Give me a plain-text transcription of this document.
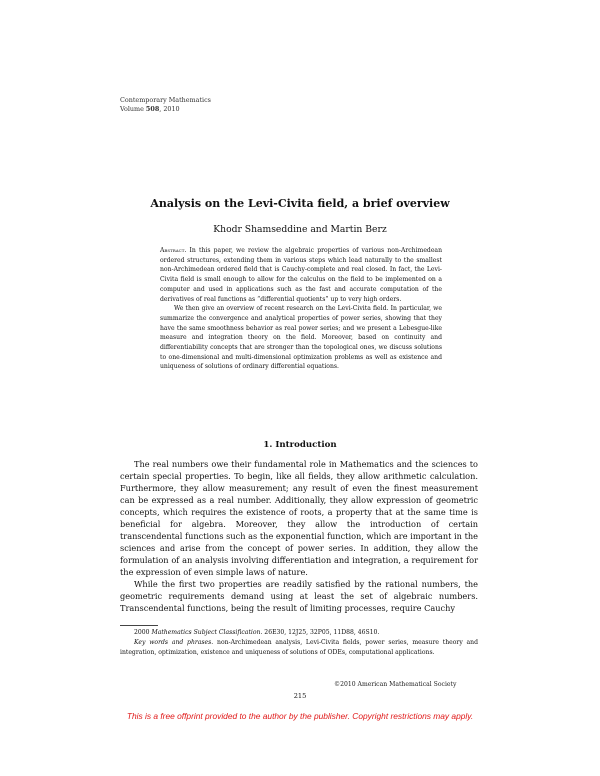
Contemporary Mathematics
Volume 508, 2010
Analysis on the Levi-Civita field, a brief overview
Khodr Shamseddine and Martin Berz

Abstract. In this paper, we review the algebraic properties of various non-Archimedean ordered structures, extending them in various steps which lead naturally to the smallest non-Archimedean ordered field that is Cauchy-complete and real closed. In fact, the Levi-Civita field is small enough to allow for the calculus on the field to be implemented on a computer and used in applications such as the fast and accurate computation of the derivatives of real functions as “differential quotients” up to very high orders.

We then give an overview of recent research on the Levi-Civita field. In particular, we summarize the convergence and analytical properties of power series, showing that they have the same smoothness behavior as real power series; and we present a Lebesgue-like measure and integration theory on the field. Moreover, based on continuity and differentiability concepts that are stronger than the topological ones, we discuss solutions to one-dimensional and multi-dimensional optimization problems as well as existence and uniqueness of solutions of ordinary differential equations.

1. Introduction

The real numbers owe their fundamental role in Mathematics and the sciences to certain special properties. To begin, like all fields, they allow arithmetic calculation. Furthermore, they allow measurement; any result of even the finest measurement can be expressed as a real number. Additionally, they allow expression of geometric concepts, which requires the existence of roots, a property that at the same time is beneficial for algebra. Moreover, they allow the introduction of certain transcendental functions such as the exponential function, which are important in the sciences and arise from the concept of power series. In addition, they allow the formulation of an analysis involving differentiation and integration, a requirement for the expression of even simple laws of nature.

While the first two properties are readily satisfied by the rational numbers, the geometric requirements demand using at least the set of algebraic numbers. Transcendental functions, being the result of limiting processes, require Cauchy

2000 Mathematics Subject Classification. 26E30, 12J25, 32P05, 11D88, 46S10.

Key words and phrases. non-Archimedean analysis, Levi-Civita fields, power series, measure theory and integration, optimization, existence and uniqueness of solutions of ODEs, computational applications.

©2010 American Mathematical Society
215
This is a free offprint provided to the author by the publisher. Copyright restrictions may apply.
